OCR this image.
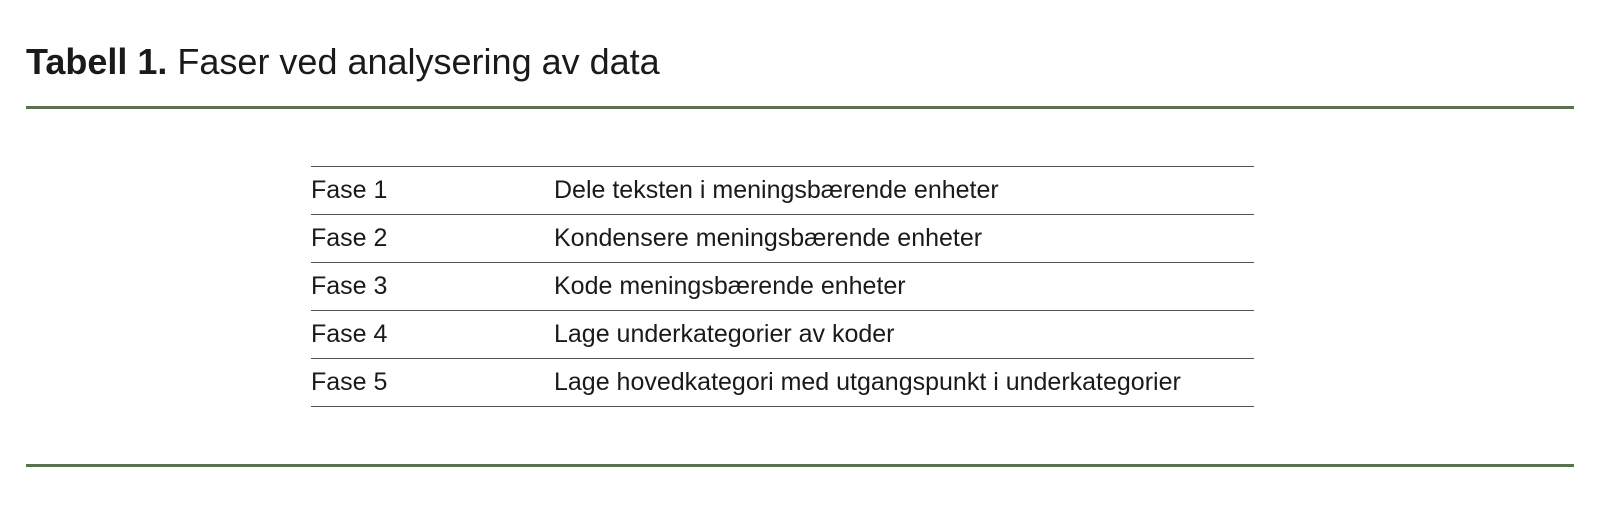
Tabell 1. Faser ved analysering av data
Fase 1	Dele teksten i meningsbærende enheter
Fase 2	Kondensere meningsbærende enheter
Fase 3	Kode meningsbærende enheter
Fase 4	Lage underkategorier av koder
Fase 5	Lage hovedkategori med utgangspunkt i underkategorier
